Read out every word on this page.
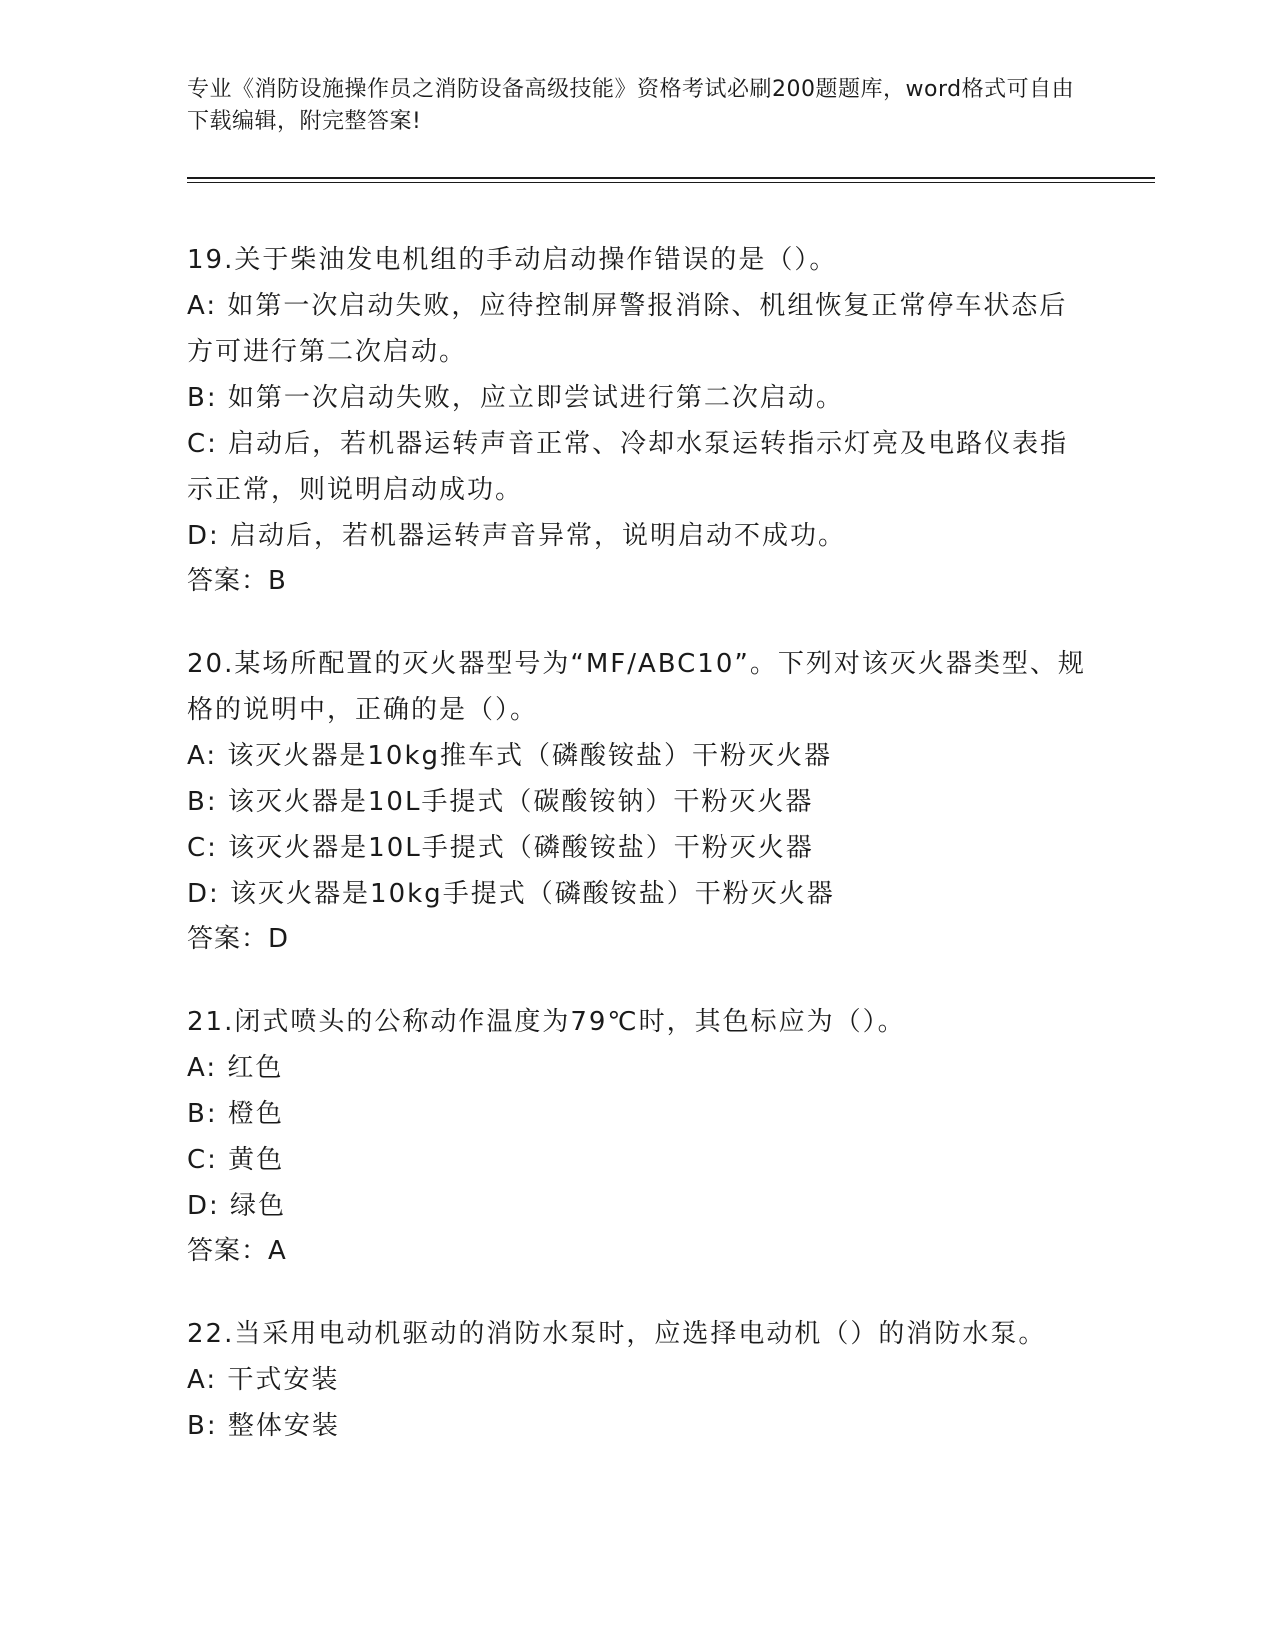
专业《消防设施操作员之消防设备高级技能》资格考试必刷200题题库，word格式可自由下载编辑，附完整答案!
19.关于柴油发电机组的手动启动操作错误的是（）。
A: 如第一次启动失败，应待控制屏警报消除、机组恢复正常停车状态后方可进行第二次启动。
B: 如第一次启动失败，应立即尝试进行第二次启动。
C: 启动后，若机器运转声音正常、冷却水泵运转指示灯亮及电路仪表指示正常，则说明启动成功。
D: 启动后，若机器运转声音异常，说明启动不成功。
答案：B
20.某场所配置的灭火器型号为“MF/ABC10”。下列对该灭火器类型、规格的说明中，正确的是（）。
A: 该灭火器是10kg推车式（磷酸铵盐）干粉灭火器
B: 该灭火器是10L手提式（碳酸铵钠）干粉灭火器
C: 该灭火器是10L手提式（磷酸铵盐）干粉灭火器
D: 该灭火器是10kg手提式（磷酸铵盐）干粉灭火器
答案：D
21.闭式喷头的公称动作温度为79℃时，其色标应为（）。
A: 红色
B: 橙色
C: 黄色
D: 绿色
答案：A
22.当采用电动机驱动的消防水泵时，应选择电动机（）的消防水泵。
A: 干式安装
B: 整体安装
